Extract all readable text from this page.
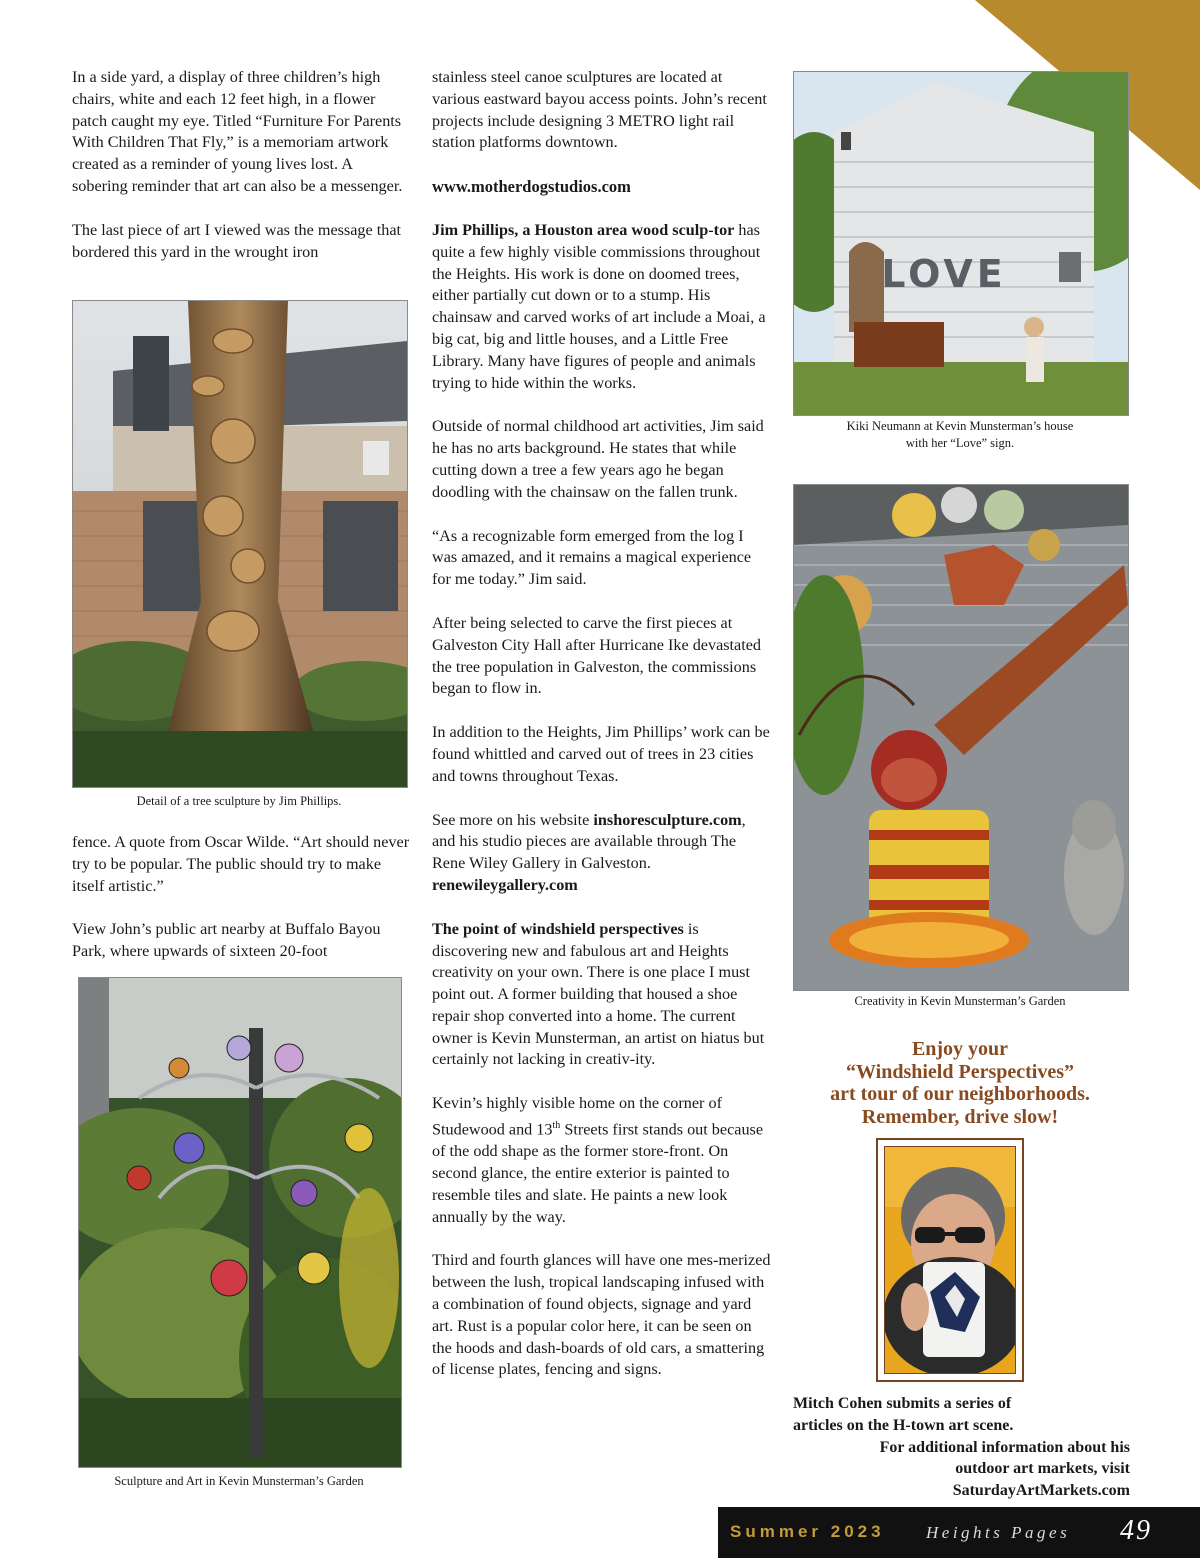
In a side yard, a display of three children’s high chairs, white and each 12 feet high, in a flower patch caught my eye. Titled “Furniture For Parents With Children That Fly,” is a memoriam artwork created as a reminder of young lives lost. A sobering reminder that art can also be a messenger.

The last piece of art I viewed was the message that bordered this yard in the wrought iron

Detail of a tree sculpture by Jim Phillips.

fence. A quote from Oscar Wilde. “Art should never try to be popular. The public should try to make itself artistic.”

View John’s public art nearby at Buffalo Bayou Park, where upwards of sixteen 20-foot

Sculpture and Art in Kevin Munsterman’s Garden

stainless steel canoe sculptures are located at various eastward bayou access points. John’s recent projects include designing 3 METRO light rail station platforms downtown.

www.motherdogstudios.com

Jim Phillips, a Houston area wood sculp-tor has quite a few highly visible commissions throughout the Heights. His work is done on doomed trees, either partially cut down or to a stump. His chainsaw and carved works of art include a Moai, a big cat, big and little houses, and a Little Free Library. Many have figures of people and animals trying to hide within the works.

Outside of normal childhood art activities, Jim said he has no arts background. He states that while cutting down a tree a few years ago he began doodling with the chainsaw on the fallen trunk.

“As a recognizable form emerged from the log I was amazed, and it remains a magical experience for me today.” Jim said.

After being selected to carve the first pieces at Galveston City Hall after Hurricane Ike devastated the tree population in Galveston, the commissions began to flow in.

In addition to the Heights, Jim Phillips’ work can be found whittled and carved out of trees in 23 cities and towns throughout Texas.

See more on his website inshoresculpture.com, and his studio pieces are available through The Rene Wiley Gallery in Galveston. renewileygallery.com

The point of windshield perspectives is discovering new and fabulous art and Heights creativity on your own. There is one place I must point out. A former building that housed a shoe repair shop converted into a home. The current owner is Kevin Munsterman, an artist on hiatus but certainly not lacking in creativ-ity.

Kevin’s highly visible home on the corner of Studewood and 13th Streets first stands out because of the odd shape as the former store-front. On second glance, the entire exterior is painted to resemble tiles and slate. He paints a new look annually by the way.

Third and fourth glances will have one mes-merized between the lush, tropical landscaping infused with a combination of found objects, signage and yard art. Rust is a popular color here, it can be seen on the hoods and dash-boards of old cars, a smattering of license plates, fencing and signs.

LOVE
Kiki Neumann at Kevin Munsterman’s house
with her “Love” sign.
Creativity in Kevin Munsterman’s Garden
Enjoy your
“Windshield Perspectives”
art tour of our neighborhoods.
Remember, drive slow!
Mitch Cohen submits a series of
articles on the H-town art scene.
For additional information about his
outdoor art markets, visit
SaturdayArtMarkets.com
Summer 2023 Heights Pages 49
